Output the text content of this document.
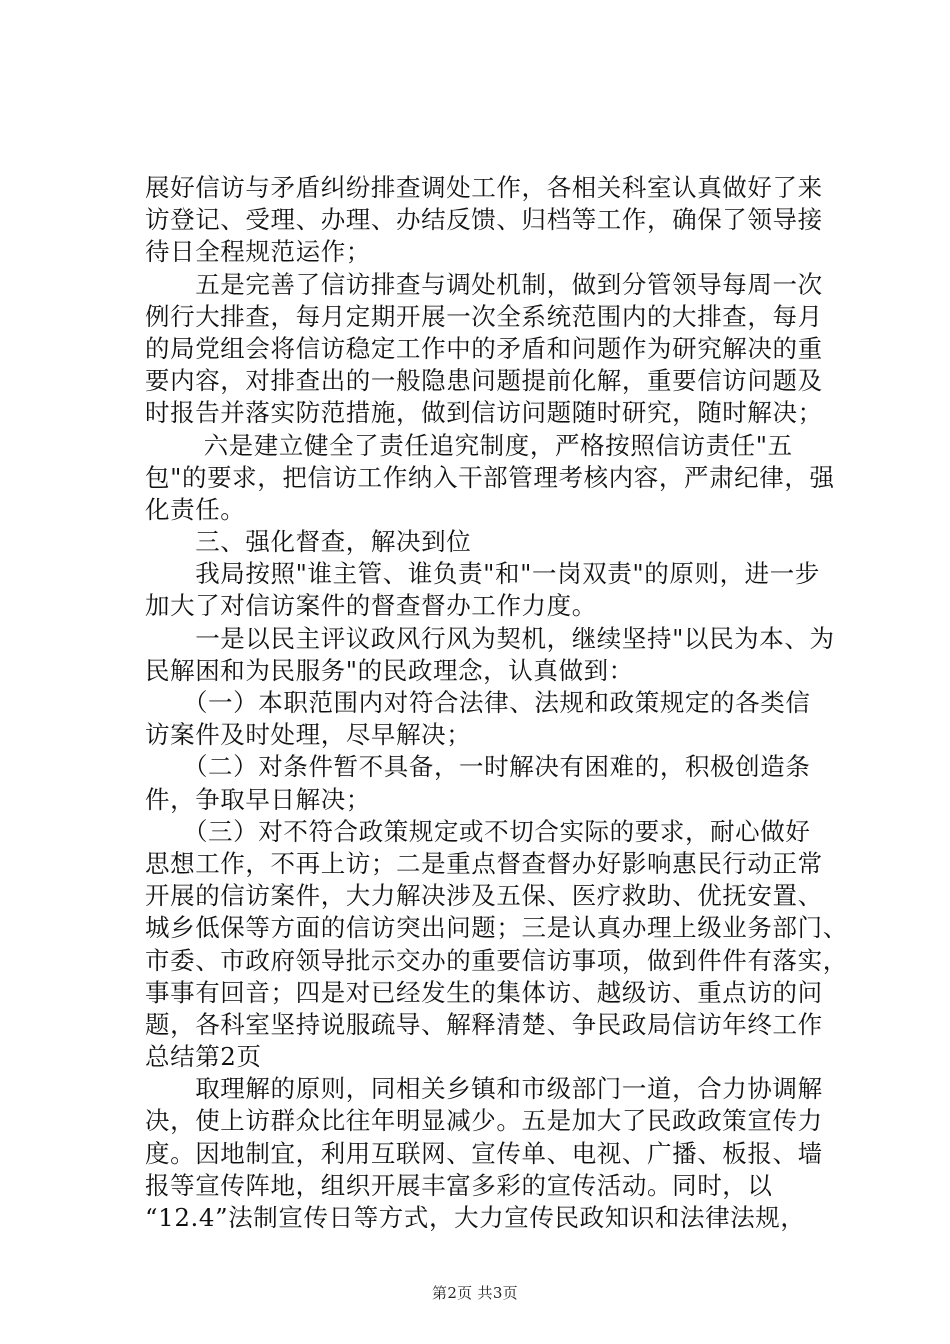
展好信访与矛盾纠纷排查调处工作，各相关科室认真做好了来
访登记、受理、办理、办结反馈、归档等工作，确保了领导接
待日全程规范运作；
　　五是完善了信访排查与调处机制，做到分管领导每周一次
例行大排查，每月定期开展一次全系统范围内的大排查，每月
的局党组会将信访稳定工作中的矛盾和问题作为研究解决的重
要内容，对排查出的一般隐患问题提前化解，重要信访问题及
时报告并落实防范措施，做到信访问题随时研究，随时解决；
　　 六是建立健全了责任追究制度，严格按照信访责任"五
包"的要求，把信访工作纳入干部管理考核内容，严肃纪律，强
化责任。
　　三、强化督查，解决到位
　　我局按照"谁主管、谁负责"和"一岗双责"的原则，进一步
加大了对信访案件的督查督办工作力度。
　　一是以民主评议政风行风为契机，继续坚持"以民为本、为
民解困和为民服务"的民政理念，认真做到：
　　（一）本职范围内对符合法律、法规和政策规定的各类信
访案件及时处理，尽早解决；
　　（二）对条件暂不具备，一时解决有困难的，积极创造条
件，争取早日解决；
　　（三）对不符合政策规定或不切合实际的要求，耐心做好
思想工作，不再上访；二是重点督查督办好影响惠民行动正常
开展的信访案件，大力解决涉及五保、医疗救助、优抚安置、
城乡低保等方面的信访突出问题；三是认真办理上级业务部门、
市委、市政府领导批示交办的重要信访事项，做到件件有落实，
事事有回音；四是对已经发生的集体访、越级访、重点访的问
题，各科室坚持说服疏导、解释清楚、争民政局信访年终工作
总结第2页
　　取理解的原则，同相关乡镇和市级部门一道，合力协调解
决，使上访群众比往年明显减少。五是加大了民政政策宣传力
度。因地制宜，利用互联网、宣传单、电视、广播、板报、墙
报等宣传阵地，组织开展丰富多彩的宣传活动。同时，以
“12.4”法制宣传日等方式，大力宣传民政知识和法律法规，
第2页 共3页
